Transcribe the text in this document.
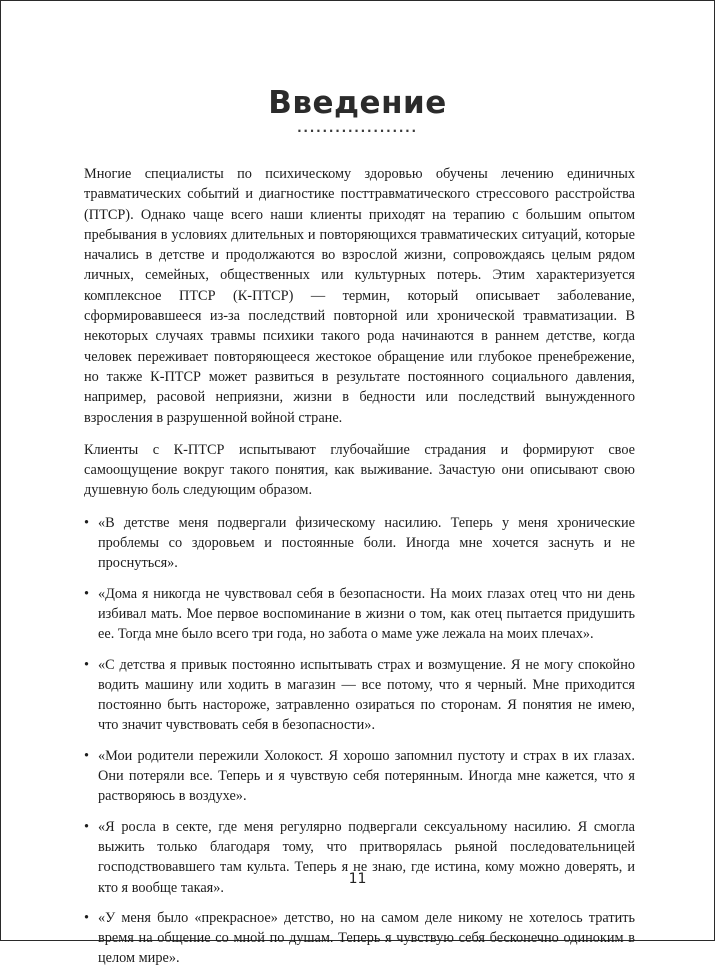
Введение
...................

Многие специалисты по психическому здоровью обучены лечению единичных травматических событий и диагностике посттравматического стрессового расстройства (ПТСР). Однако чаще всего наши клиенты приходят на терапию с большим опытом пребывания в условиях длительных и повторяющихся травматических ситуаций, которые начались в детстве и продолжаются во взрослой жизни, сопровождаясь целым рядом личных, семейных, общественных или культурных потерь. Этим характеризуется комплексное ПТСР (К-ПТСР) — термин, который описывает заболевание, сформировавшееся из-за последствий повторной или хронической травматизации. В некоторых случаях травмы психики такого рода начинаются в раннем детстве, когда человек переживает повторяющееся жестокое обращение или глубокое пренебрежение, но также К-ПТСР может развиться в результате постоянного социального давления, например, расовой неприязни, жизни в бедности или последствий вынужденного взросления в разрушенной войной стране.

Клиенты с К-ПТСР испытывают глубочайшие страдания и формируют свое самоощущение вокруг такого понятия, как выживание. Зачастую они описывают свою душевную боль следующим образом.

• «В детстве меня подвергали физическому насилию. Теперь у меня хронические проблемы со здоровьем и постоянные боли. Иногда мне хочется заснуть и не проснуться».
• «Дома я никогда не чувствовал себя в безопасности. На моих глазах отец что ни день избивал мать. Мое первое воспоминание в жизни о том, как отец пытается придушить ее. Тогда мне было всего три года, но забота о маме уже лежала на моих плечах».
• «С детства я привык постоянно испытывать страх и возмущение. Я не могу спокойно водить машину или ходить в магазин — все потому, что я черный. Мне приходится постоянно быть настороже, затравленно озираться по сторонам. Я понятия не имею, что значит чувствовать себя в безопасности».
• «Мои родители пережили Холокост. Я хорошо запомнил пустоту и страх в их глазах. Они потеряли все. Теперь и я чувствую себя потерянным. Иногда мне кажется, что я растворяюсь в воздухе».
• «Я росла в секте, где меня регулярно подвергали сексуальному насилию. Я смогла выжить только благодаря тому, что притворялась рьяной последовательницей господствовавшего там культа. Теперь я не знаю, где истина, кому можно доверять, и кто я вообще такая».
• «У меня было «прекрасное» детство, но на самом деле никому не хотелось тратить время на общение со мной по душам. Теперь я чувствую себя бесконечно одиноким в целом мире».
11
